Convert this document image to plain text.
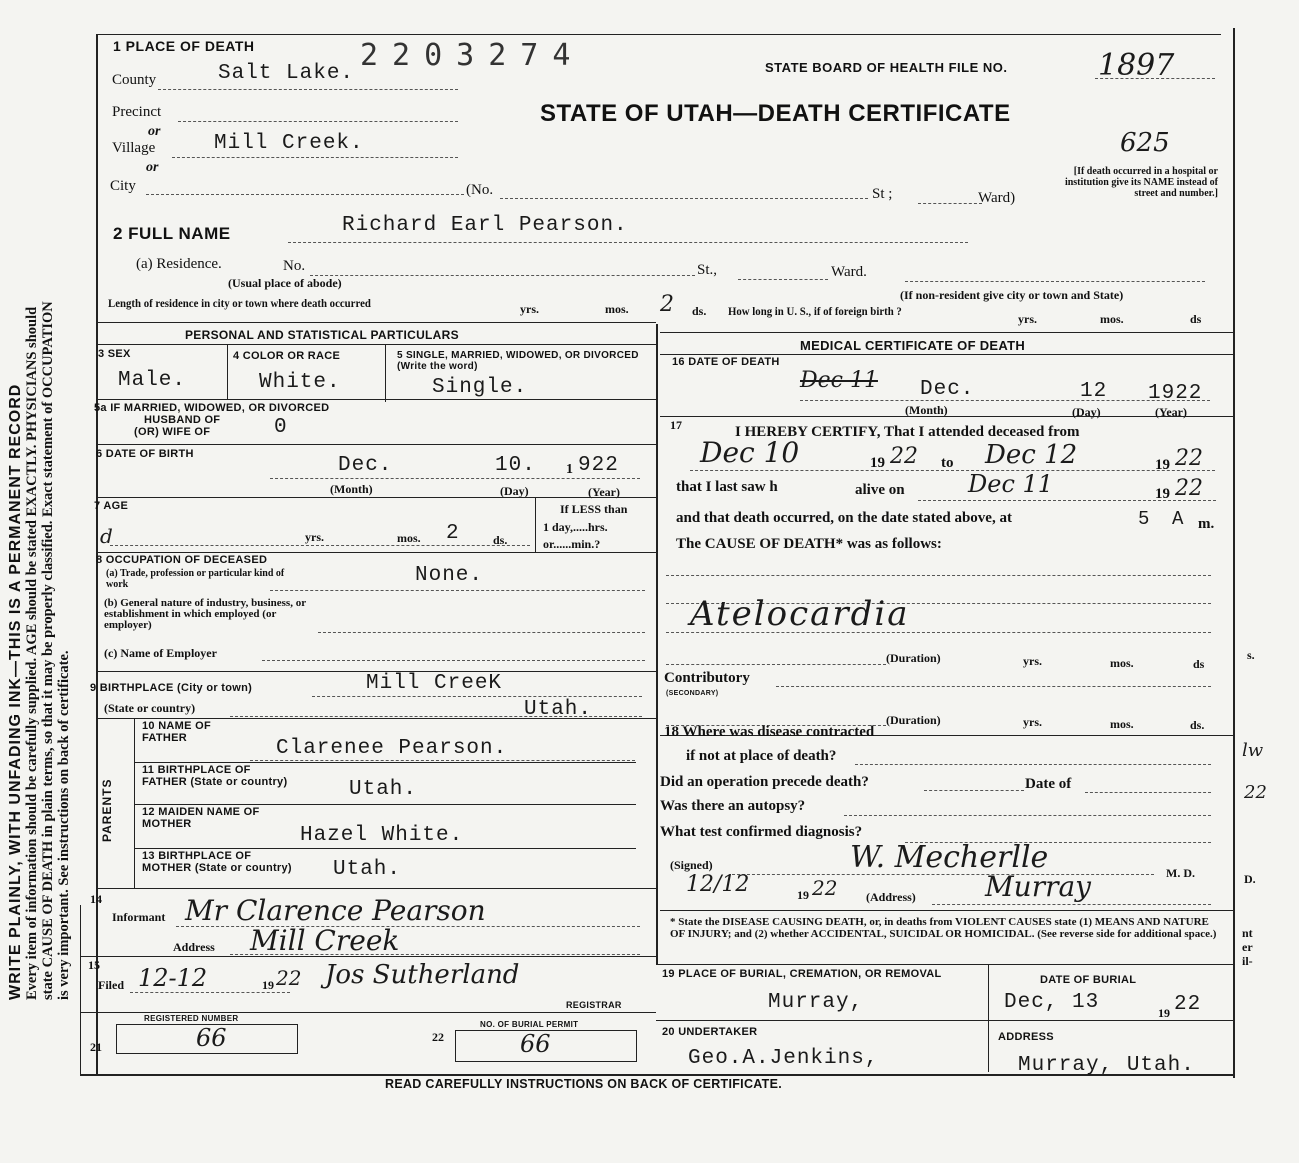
WRITE PLAINLY, WITH UNFADING INK—THIS IS A PERMANENT RECORD Every item of information should be carefully supplied. AGE should be stated EXACTLY. PHYSICIANS should state CAUSE OF DEATH in plain terms, so that it may be properly classified. Exact statement of OCCUPATION is very important. See instructions on back of certificate.
2203274
1 PLACE OF DEATH
County	Salt Lake.	STATE BOARD OF HEALTH FILE NO.	1897
Precinct	STATE OF UTAH—DEATH CERTIFICATE
or
Village	Mill Creek.	625
or
City	(No.	St ;	Ward)
[If death occurred in a hospital or institution give its NAME instead of street and number.]
2 FULL NAME	Richard Earl Pearson.
(a) Residence.	No.
(Usual place of abode)
St.,	Ward.
(If non-resident give city or town and State)
Length of residence in city or town where death occurred	yrs.	mos. 2 ds. How long in U. S., if of foreign birth ?
yrs.	mos.	ds
PERSONAL AND STATISTICAL PARTICULARS
3 SEX
Male.
4 COLOR OR RACE
White.
5 SINGLE, MARRIED, WIDOWED, OR DIVORCED (Write the word)
Single.
5a IF MARRIED, WIDOWED, OR DIVORCED
HUSBAND OF
(OR) WIFE OF	0
6 DATE OF BIRTH	Dec.	10. 1 922
(Month)	(Day)	(Year)
7 AGE
d	yrs.	mos. 2	ds.
If LESS than
1 day,.....hrs.
or......min.?
8 OCCUPATION OF DECEASED
(a) Trade, profession or particular kind of work	None.
(b) General nature of industry, business, or establishment in which employed (or employer)
(c) Name of Employer
9 BIRTHPLACE (City or town)	Mill CreeK
(State or country)	Utah.
PARENTS
10 NAME OF FATHER	Clarenee Pearson.
11 BIRTHPLACE OF FATHER (State or country)	Utah.
12 MAIDEN NAME OF MOTHER	Hazel White.
13 BIRTHPLACE OF MOTHER (State or country) Utah.
14
Informant Mr Clarence Pearson
Address Mill Creek
15
Filed 12-12	19 22 Jos Sutherland
REGISTRAR
REGISTERED NUMBER
21	66	NO. OF BURIAL PERMIT
22	66
MEDICAL CERTIFICATE OF DEATH
16 DATE OF DEATH
Dec 11 Dec.	12 1922
(Month)	(Day)	(Year)
17	I HEREBY CERTIFY, That I attended deceased from
Dec 10	19 22 to Dec 12	19 22
that I last saw h	alive on	Dec 11	19 22
and that death occurred, on the date stated above, at	5 A m.
The CAUSE OF DEATH* was as follows:
Atelocardia
(Duration)	yrs.	mos.	ds
Contributory
(SECONDARY)
(Duration)	yrs.	mos.	ds.
18 Where was disease contracted
if not at place of death?
Did an operation precede death?	Date of
Was there an autopsy?
What test confirmed diagnosis?
(Signed)	W. Mecherlle	M. D.
12/12	19 22 (Address) Murray
* State the DISEASE CAUSING DEATH, or, in deaths from VIOLENT CAUSES state (1) MEANS AND NATURE OF INJURY; and (2) whether ACCIDENTAL, SUICIDAL OR HOMICIDAL. (See reverse side for additional space.)
19 PLACE OF BURIAL, CREMATION, OR REMOVAL
Murray,
DATE OF BURIAL
Dec, 13	19 22
20 UNDERTAKER
Geo.A.Jenkins,
ADDRESS
Murray, Utah.
READ CAREFULLY INSTRUCTIONS ON BACK OF CERTIFICATE.
s.
lw
22
D.
nt
er
il-
